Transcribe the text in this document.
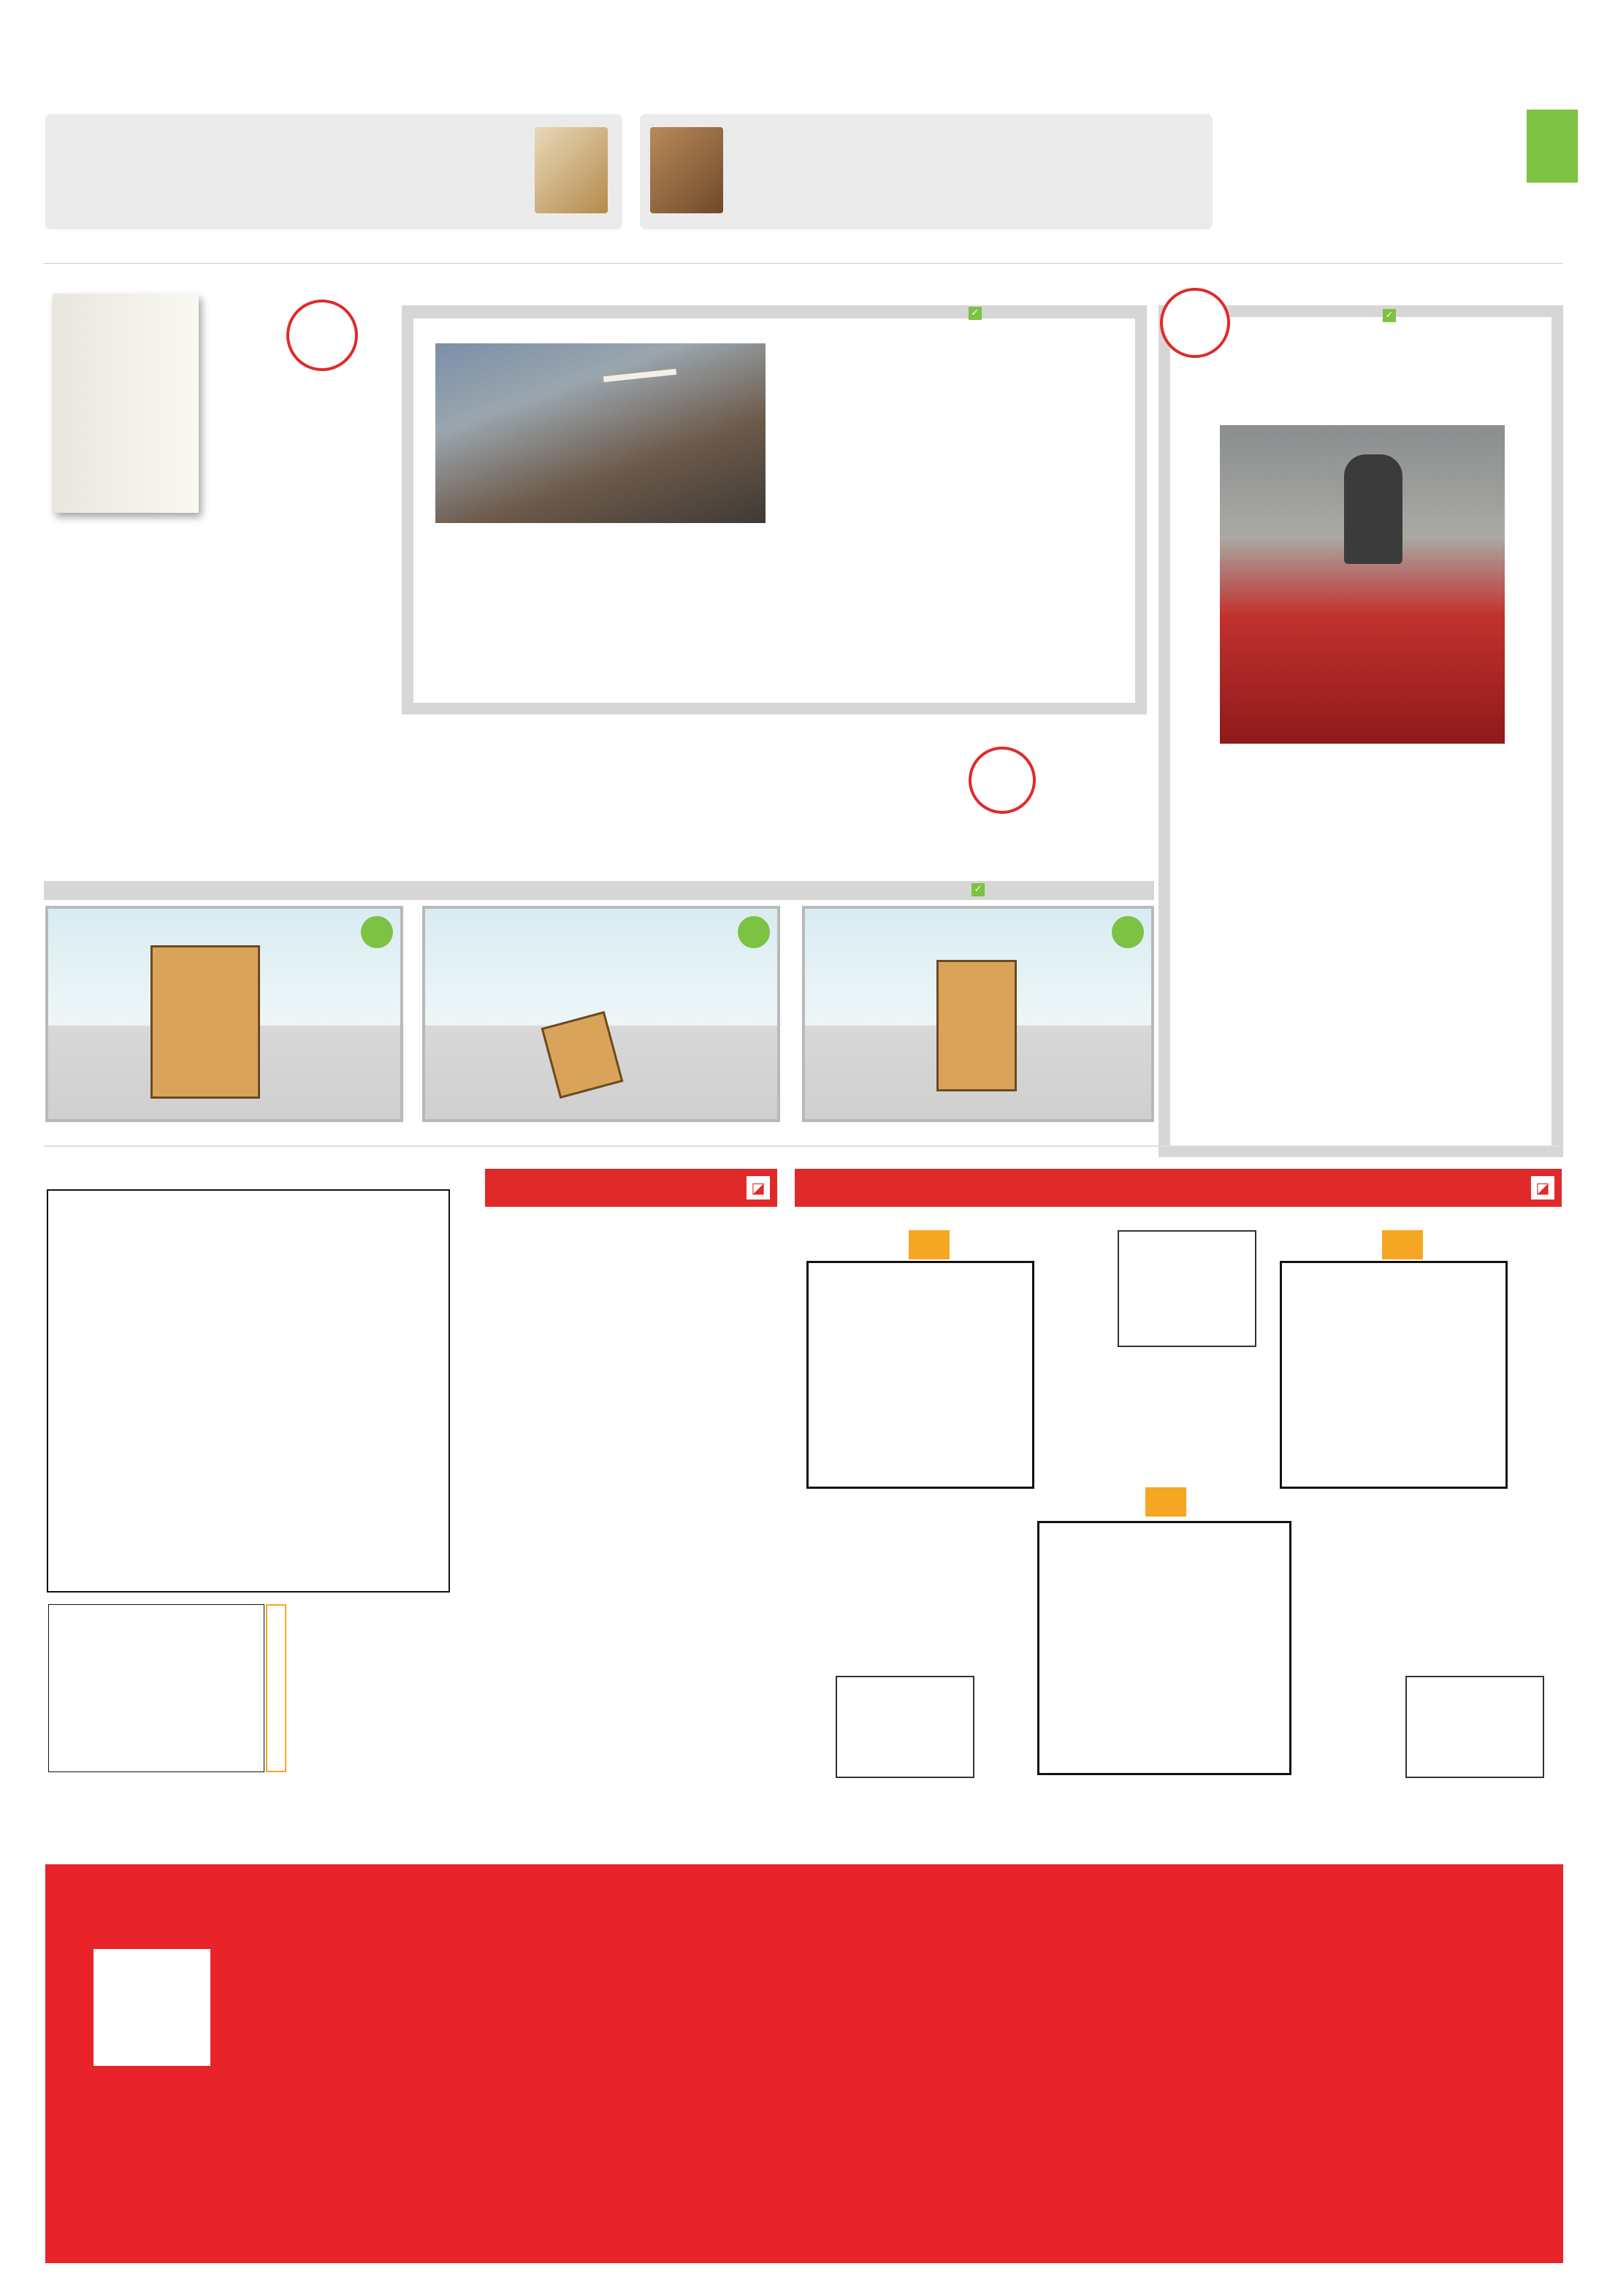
✓
✓
✓
◪
◪
